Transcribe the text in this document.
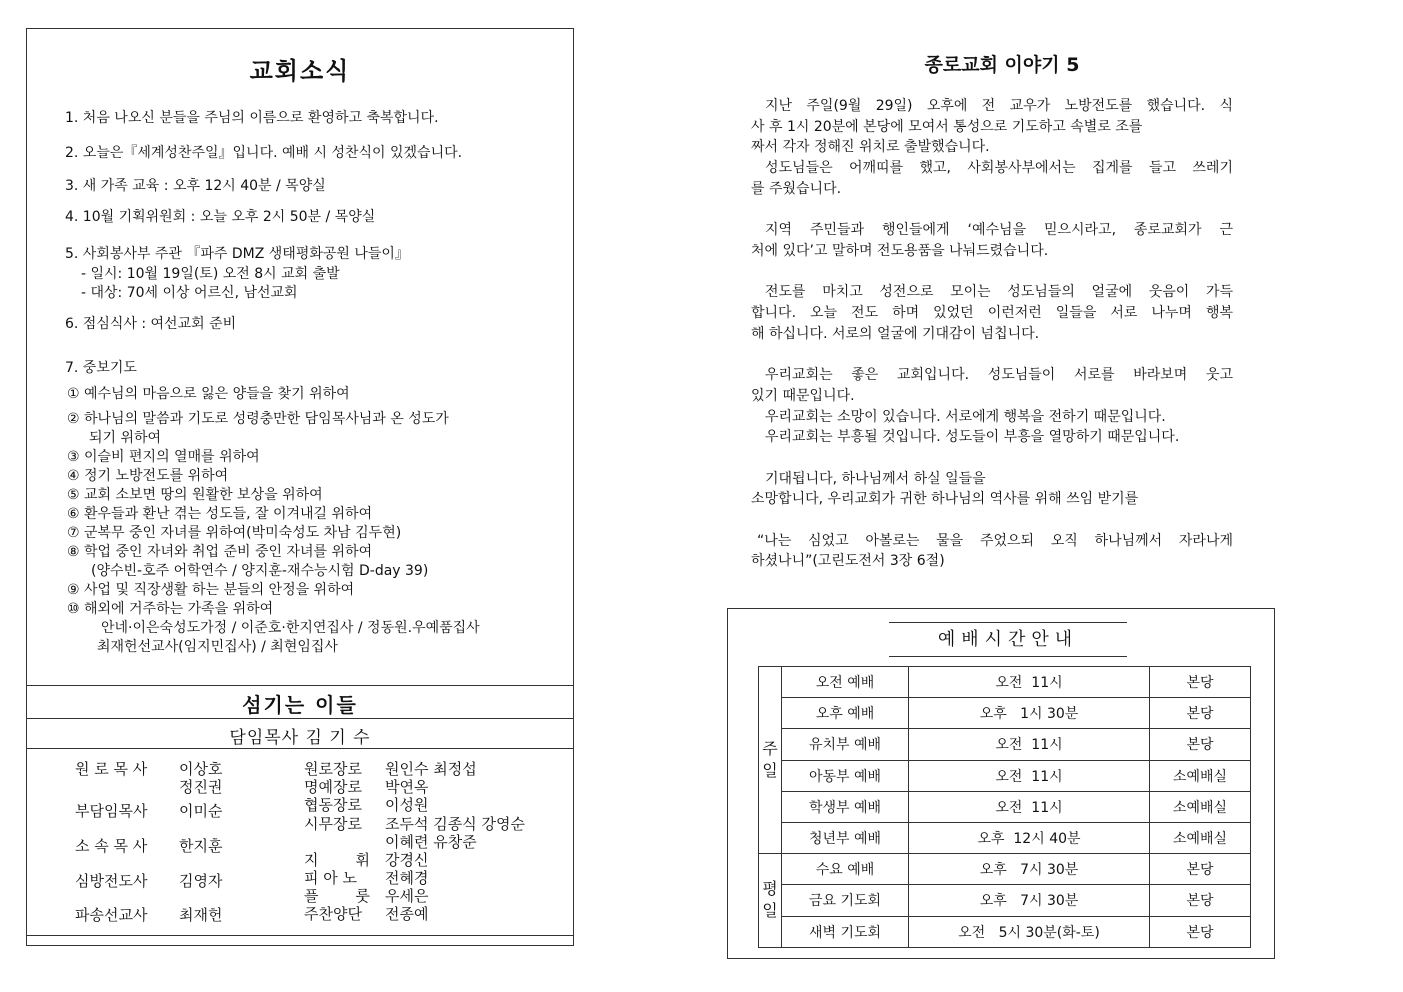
교회소식
1. 처음 나오신 분들을 주님의 이름으로 환영하고 축복합니다.
2. 오늘은『세계성찬주일』입니다. 예배 시 성찬식이 있겠습니다.
3. 새 가족 교육 : 오후 12시 40분 / 목양실
4. 10월 기획위원회 : 오늘 오후 2시 50분 / 목양실
5. 사회봉사부 주관 『파주 DMZ 생태평화공원 나들이』
- 일시: 10월 19일(토) 오전 8시 교회 출발
- 대상: 70세 이상 어르신, 남선교회
6. 점심식사 : 여선교회 준비
7. 중보기도
① 예수님의 마음으로 잃은 양들을 찾기 위하여
② 하나님의 말씀과 기도로 성령충만한 담임목사님과 온 성도가
되기 위하여
③ 이슬비 편지의 열매를 위하여
④ 정기 노방전도를 위하여
⑤ 교회 소보면 땅의 원활한 보상을 위하여
⑥ 환우들과 환난 겪는 성도들, 잘 이겨내길 위하여
⑦ 군복무 중인 자녀를 위하여(박미숙성도 차남 김두현)
⑧ 학업 중인 자녀와 취업 준비 중인 자녀를 위하여
(양수빈-호주 어학연수 / 양지훈-재수능시험 D-day 39)
⑨ 사업 및 직장생활 하는 분들의 안정을 위하여
⑩ 해외에 거주하는 가족을 위하여
안네·이은숙성도가정 / 이준호·한지연집사 / 정동원.우예품집사
최재헌선교사(임지민집사) / 최현임집사
섬기는 이들
담임목사 김 기 수
원 로 목 사 이상호
정진권
부담임목사 이미순
소 속 목 사 한지훈
심방전도사 김영자
파송선교사 최재헌
원로장로 원인수 최정섭
명예장로 박연옥
협동장로 이성원
시무장로 조두석 김종식 강영순
이혜련 유창준
지 휘 강경신
피 아 노 전혜경
플 룻 우세은
주찬양단 전종예
종로교회 이야기 5
지난 주일(9월 29일) 오후에 전 교우가 노방전도를 했습니다. 식
사 후 1시 20분에 본당에 모여서 통성으로 기도하고 속별로 조를
짜서 각자 정해진 위치로 출발했습니다.
성도님들은 어깨띠를 했고, 사회봉사부에서는 집게를 들고 쓰레기
를 주웠습니다.
지역 주민들과 행인들에게 ‘예수님을 믿으시라고, 종로교회가 근
처에 있다’고 말하며 전도용품을 나눠드렸습니다.
전도를 마치고 성전으로 모이는 성도님들의 얼굴에 웃음이 가득
합니다. 오늘 전도 하며 있었던 이런저런 일들을 서로 나누며 행복
해 하십니다. 서로의 얼굴에 기대감이 넘칩니다.
우리교회는 좋은 교회입니다. 성도님들이 서로를 바라보며 웃고
있기 때문입니다.
우리교회는 소망이 있습니다. 서로에게 행복을 전하기 때문입니다.
우리교회는 부흥될 것입니다. 성도들이 부흥을 열망하기 때문입니다.
기대됩니다, 하나님께서 하실 일들을
소망합니다, 우리교회가 귀한 하나님의 역사를 위해 쓰임 받기를
“나는 심었고 아볼로는 물을 주었으되 오직 하나님께서 자라나게
하셨나니”(고린도전서 3장 6절)
예배시간안내
주
일	오전 예배	오전  11시	본당
	오후 예배	오후   1시 30분	본당
	유치부 예배	오전  11시	본당
	아동부 예배	오전  11시	소예배실
	학생부 예배	오전  11시	소예배실
	청년부 예배	오후  12시 40분	소예배실
평
일	수요 예배	오후   7시 30분	본당
	금요 기도회	오후   7시 30분	본당
	새벽 기도회	오전   5시 30분(화-토)	본당
